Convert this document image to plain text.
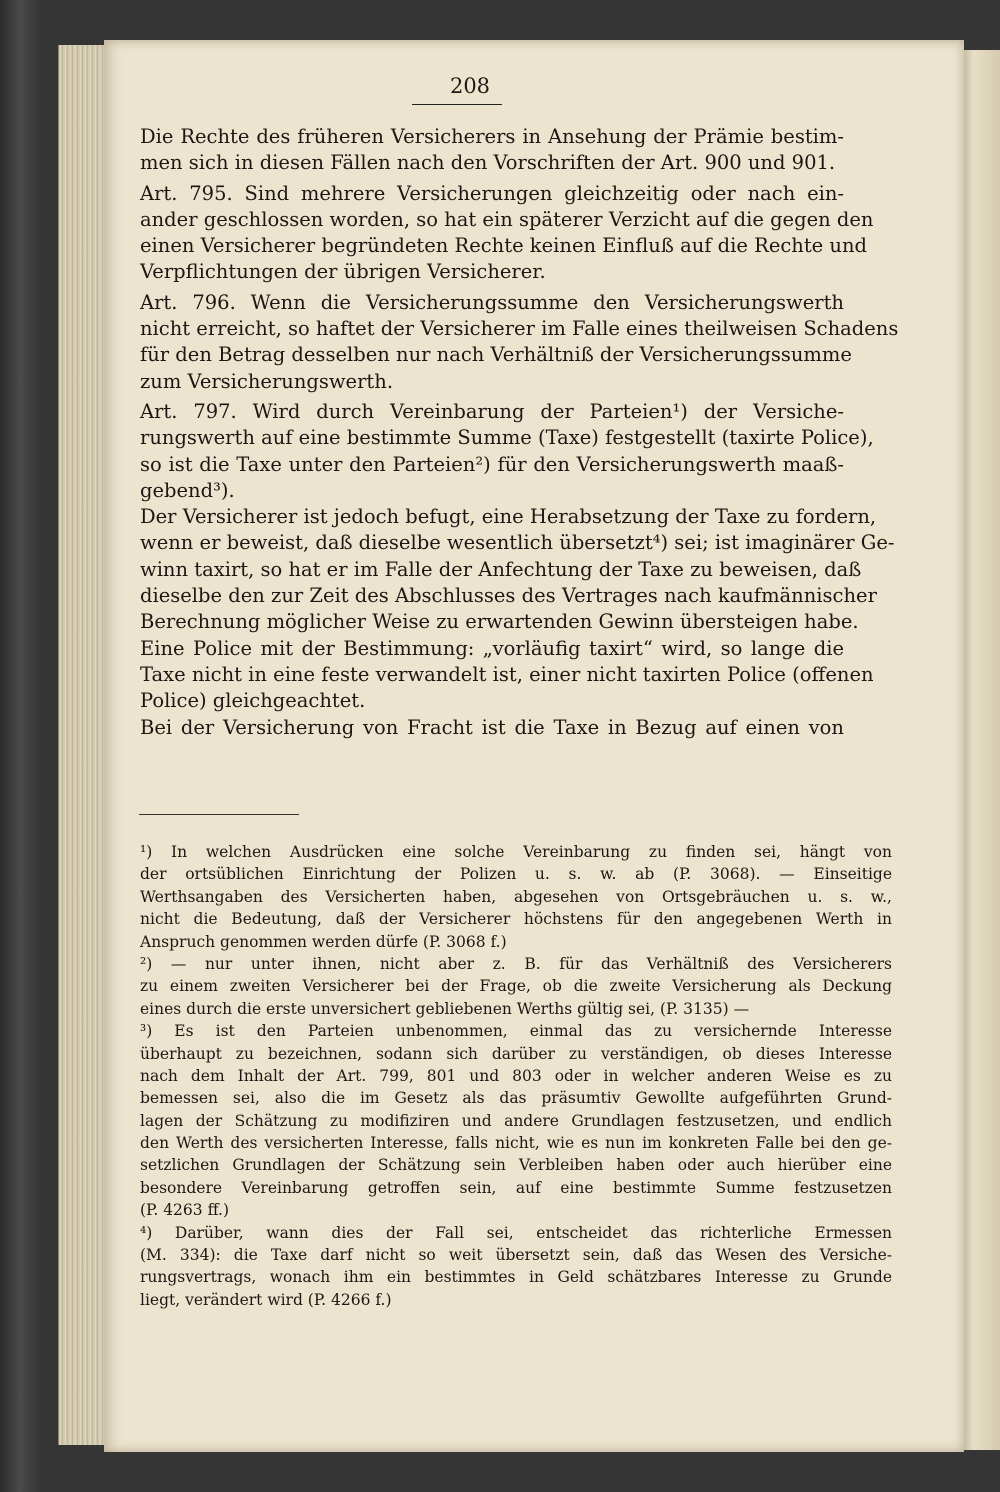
208
Die Rechte des früheren Versicherers in Ansehung der Prämie bestim-
men sich in diesen Fällen nach den Vorschriften der Art. 900 und 901.
Art. 795. Sind mehrere Versicherungen gleichzeitig oder nach ein-
ander geschlossen worden, so hat ein späterer Verzicht auf die gegen den
einen Versicherer begründeten Rechte keinen Einfluß auf die Rechte und
Verpflichtungen der übrigen Versicherer.
Art. 796. Wenn die Versicherungssumme den Versicherungswerth
nicht erreicht, so haftet der Versicherer im Falle eines theilweisen Schadens
für den Betrag desselben nur nach Verhältniß der Versicherungssumme
zum Versicherungswerth.
Art. 797. Wird durch Vereinbarung der Parteien¹) der Versiche-
rungswerth auf eine bestimmte Summe (Taxe) festgestellt (taxirte Police),
so ist die Taxe unter den Parteien²) für den Versicherungswerth maaß-
gebend³).
Der Versicherer ist jedoch befugt, eine Herabsetzung der Taxe zu fordern,
wenn er beweist, daß dieselbe wesentlich übersetzt⁴) sei; ist imaginärer Ge-
winn taxirt, so hat er im Falle der Anfechtung der Taxe zu beweisen, daß
dieselbe den zur Zeit des Abschlusses des Vertrages nach kaufmännischer
Berechnung möglicher Weise zu erwartenden Gewinn übersteigen habe.
Eine Police mit der Bestimmung: „vorläufig taxirt“ wird, so lange die
Taxe nicht in eine feste verwandelt ist, einer nicht taxirten Police (offenen
Police) gleichgeachtet.
Bei der Versicherung von Fracht ist die Taxe in Bezug auf einen von
¹) In welchen Ausdrücken eine solche Vereinbarung zu finden sei, hängt von
der ortsüblichen Einrichtung der Polizen u. s. w. ab (P. 3068). — Einseitige
Werthsangaben des Versicherten haben, abgesehen von Ortsgebräuchen u. s. w.,
nicht die Bedeutung, daß der Versicherer höchstens für den angegebenen Werth in
Anspruch genommen werden dürfe (P. 3068 f.)
²) — nur unter ihnen, nicht aber z. B. für das Verhältniß des Versicherers
zu einem zweiten Versicherer bei der Frage, ob die zweite Versicherung als Deckung
eines durch die erste unversichert gebliebenen Werths gültig sei, (P. 3135) —
³) Es ist den Parteien unbenommen, einmal das zu versichernde Interesse
überhaupt zu bezeichnen, sodann sich darüber zu verständigen, ob dieses Interesse
nach dem Inhalt der Art. 799, 801 und 803 oder in welcher anderen Weise es zu
bemessen sei, also die im Gesetz als das präsumtiv Gewollte aufgeführten Grund-
lagen der Schätzung zu modifiziren und andere Grundlagen festzusetzen, und endlich
den Werth des versicherten Interesse, falls nicht, wie es nun im konkreten Falle bei den ge-
setzlichen Grundlagen der Schätzung sein Verbleiben haben oder auch hierüber eine
besondere Vereinbarung getroffen sein, auf eine bestimmte Summe festzusetzen
(P. 4263 ff.)
⁴) Darüber, wann dies der Fall sei, entscheidet das richterliche Ermessen
(M. 334): die Taxe darf nicht so weit übersetzt sein, daß das Wesen des Versiche-
rungsvertrags, wonach ihm ein bestimmtes in Geld schätzbares Interesse zu Grunde
liegt, verändert wird (P. 4266 f.)
